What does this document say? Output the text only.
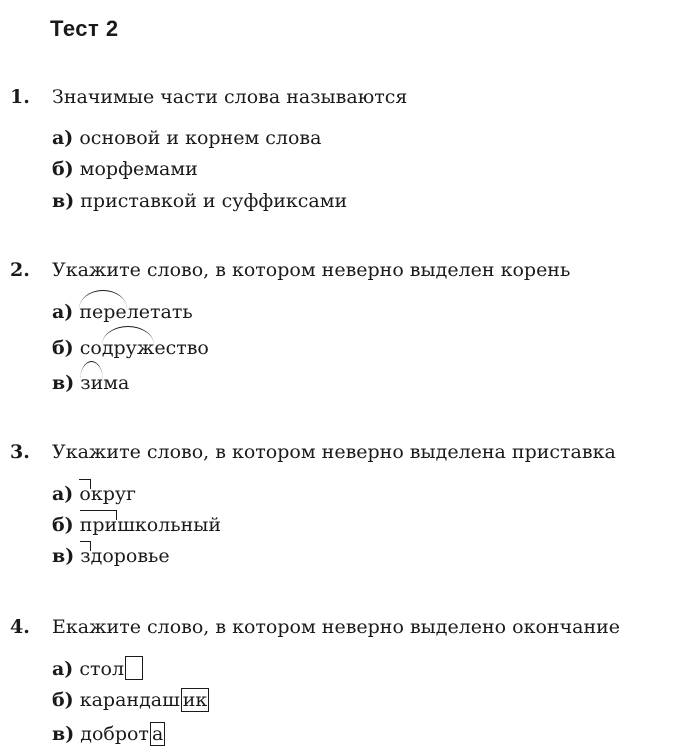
Тест 2
1. Значимые части слова называются
а) основой и корнем слова
б) морфемами
в) приставкой и суффиксами
2. Укажите слово, в котором неверно выделен корень
а) перелетать
б) содружество
в) зима
3. Укажите слово, в котором неверно выделена приставка
а) округ
б) пришкольный
в) здоровье
4. Екажите слово, в котором неверно выделено окончание
а) стол
б) карандаш ик
в) доброт а
